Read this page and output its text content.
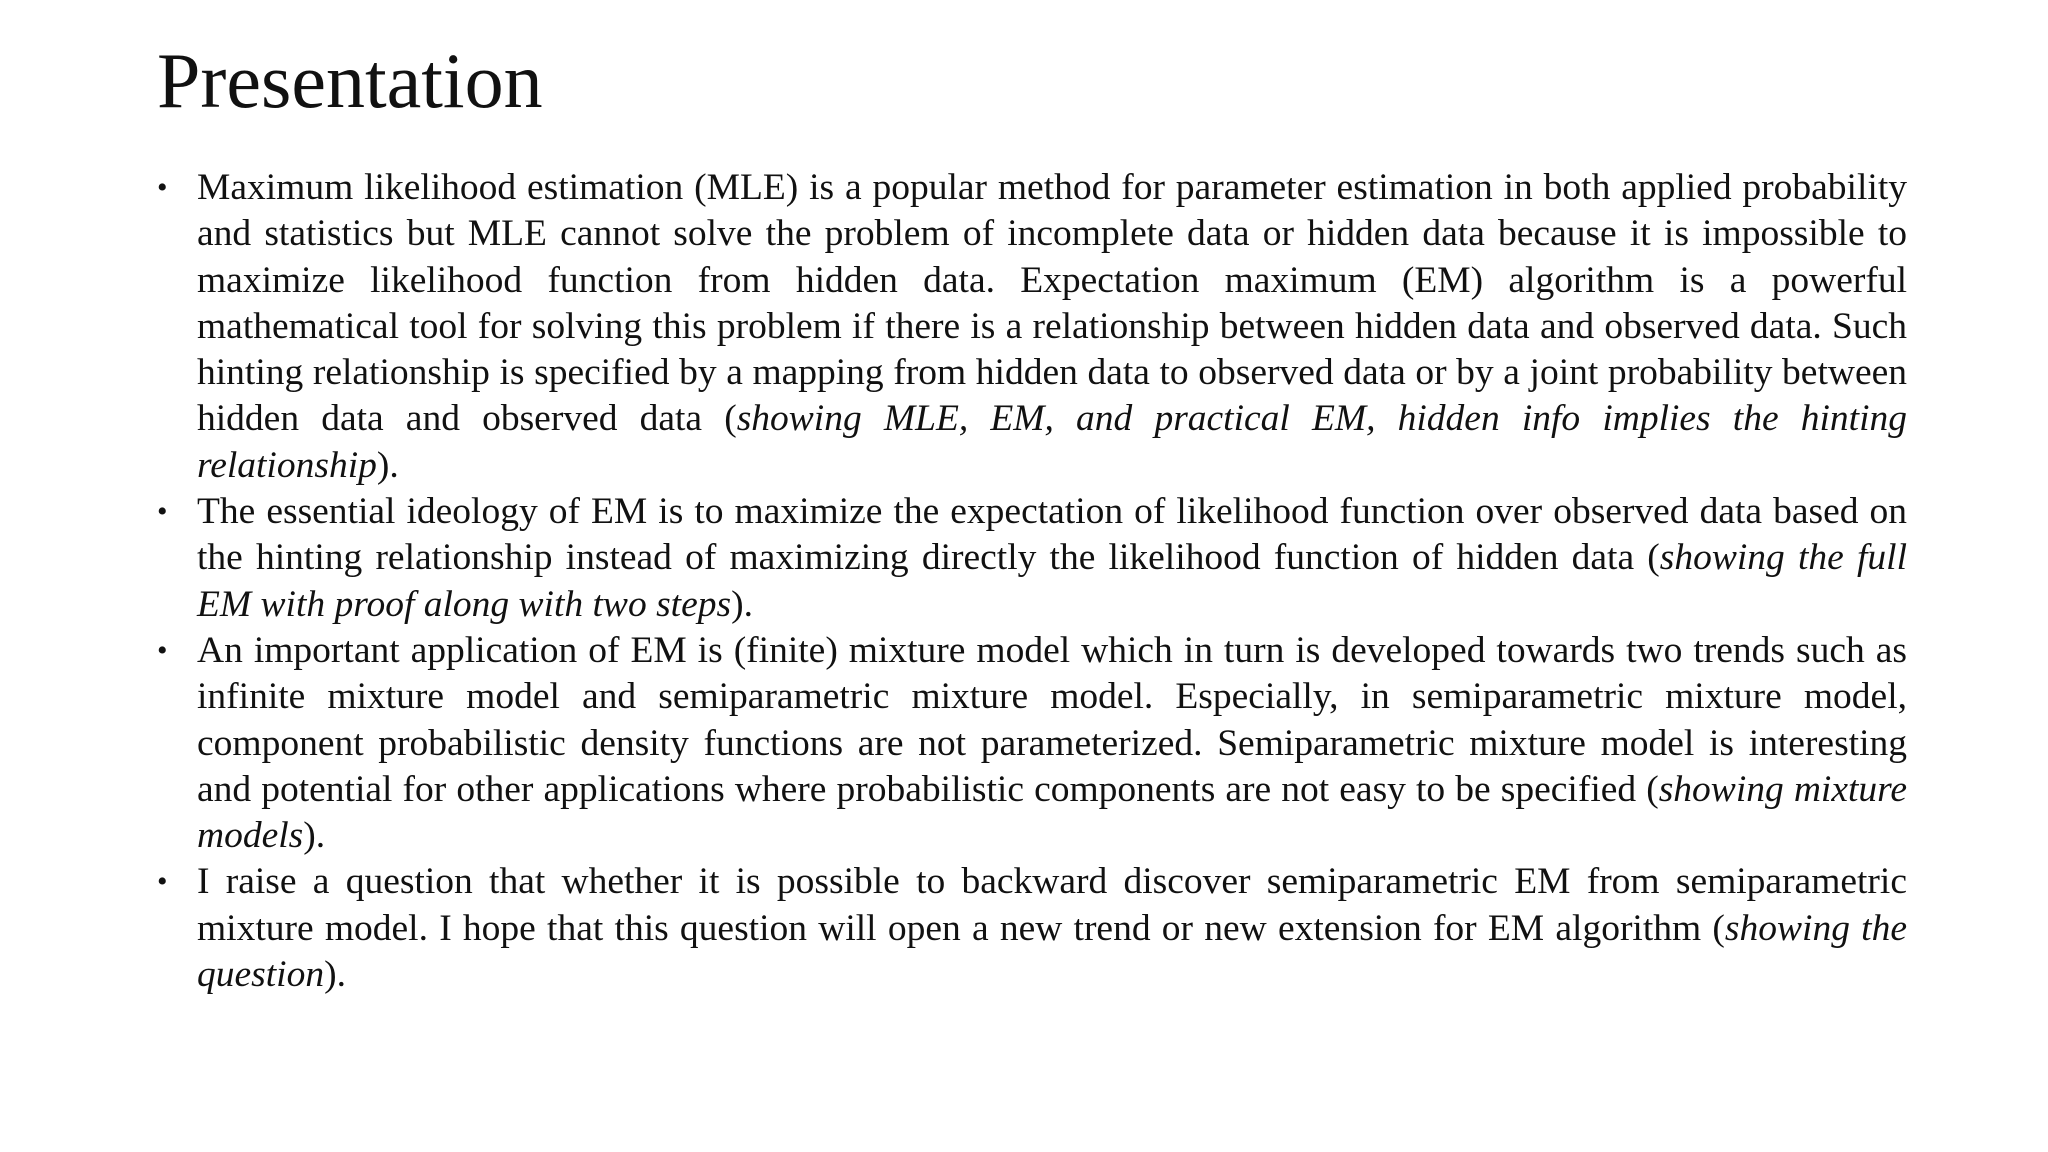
Presentation
• Maximum likelihood estimation (MLE) is a popular method for parameter estimation in both applied probability and statistics but MLE cannot solve the problem of incomplete data or hidden data because it is impossible to maximize likelihood function from hidden data. Expectation maximum (EM) algorithm is a powerful mathematical tool for solving this problem if there is a relationship between hidden data and observed data. Such hinting relationship is specified by a mapping from hidden data to observed data or by a joint probability between hidden data and observed data (showing MLE, EM, and practical EM, hidden info implies the hinting relationship).
• The essential ideology of EM is to maximize the expectation of likelihood function over observed data based on the hinting relationship instead of maximizing directly the likelihood function of hidden data (showing the full EM with proof along with two steps).
• An important application of EM is (finite) mixture model which in turn is developed towards two trends such as infinite mixture model and semiparametric mixture model. Especially, in semiparametric mixture model, component probabilistic density functions are not parameterized. Semiparametric mixture model is interesting and potential for other applications where probabilistic components are not easy to be specified (showing mixture models).
• I raise a question that whether it is possible to backward discover semiparametric EM from semiparametric mixture model. I hope that this question will open a new trend or new extension for EM algorithm (showing the question).
